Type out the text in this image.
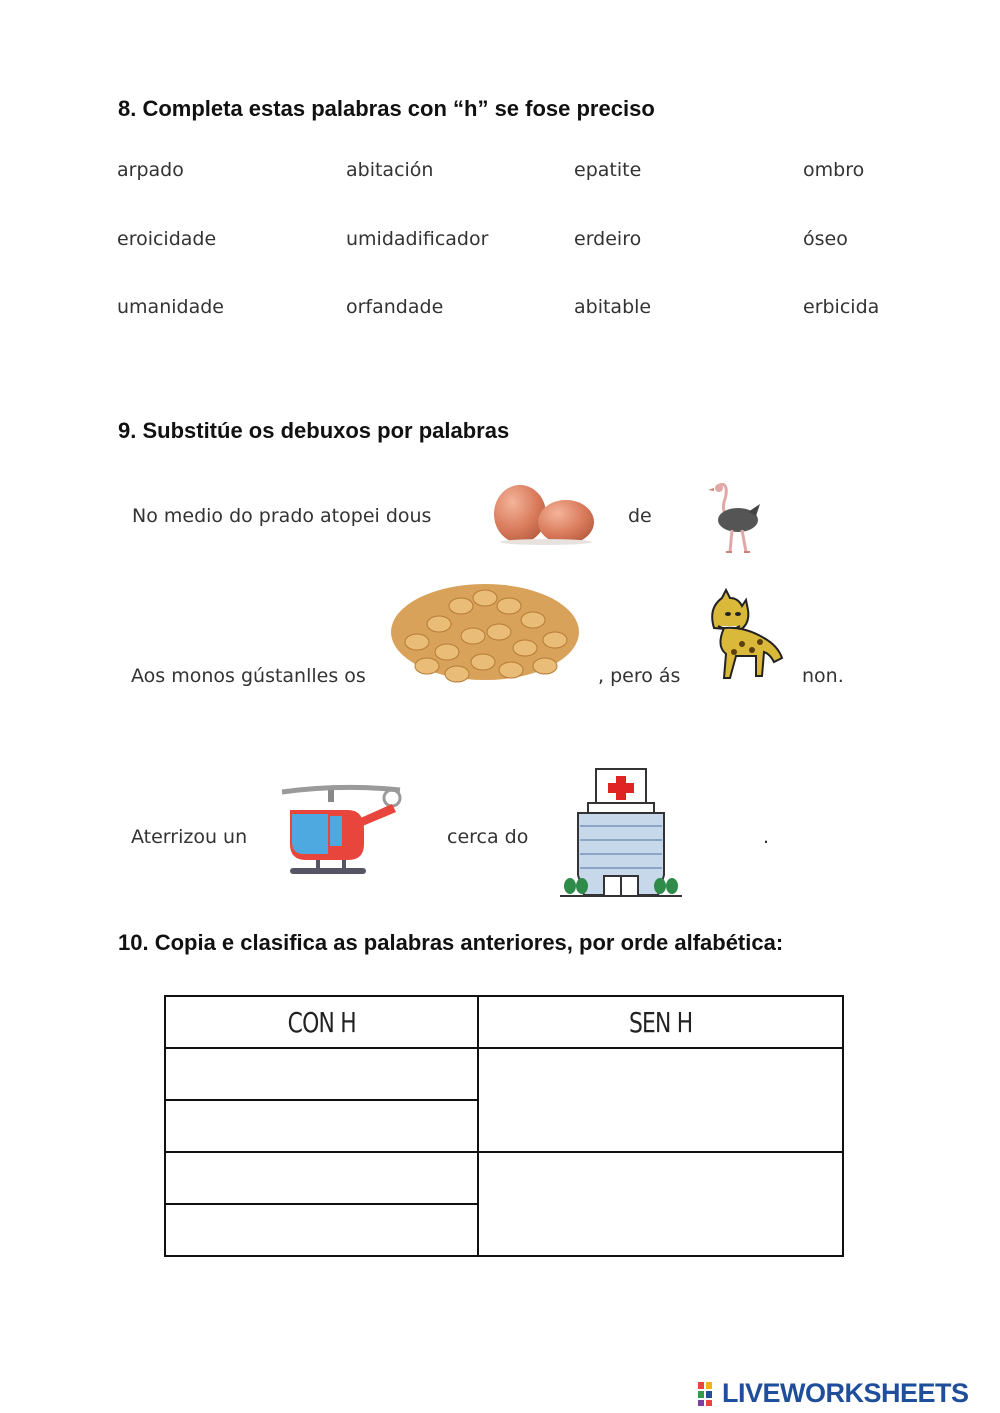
8. Completa estas palabras con “h” se fose preciso
arpado	abitación	epatite	ombro
eroicidade	umidadificador	erdeiro	óseo
umanidade	orfandade	abitable	erbicida
9. Substitúe os debuxos por palabras
No medio do prado atopei dous	de
Aos monos gústanlles os	, pero ás	non.
Aterrizou un	cerca do	.
10. Copia e clasifica as palabras anteriores, por orde alfabética:
CON H	SEN H

LIVEWORKSHEETS
